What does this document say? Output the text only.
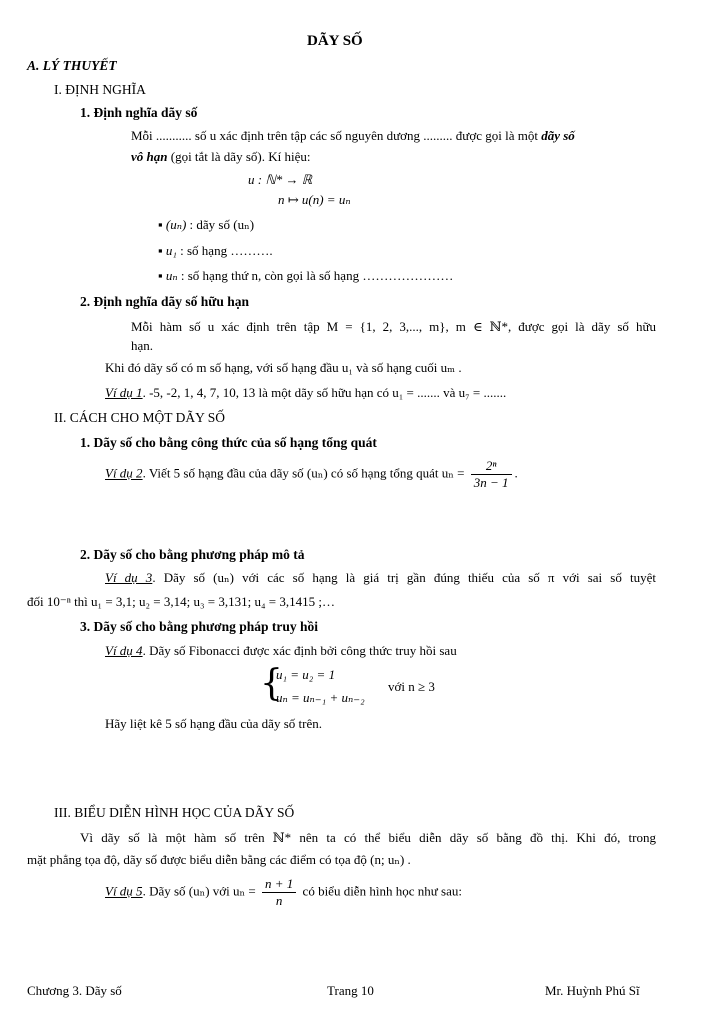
DÃY SỐ
A. LÝ THUYẾT
I. ĐỊNH NGHĨA
1. Định nghĩa dãy số
Mỗi ........... số u xác định trên tập các số nguyên dương ......... được gọi là một dãy số
vô hạn (gọi tắt là dãy số). Kí hiệu:
u : ℕ* → ℝ
n ↦ u(n) = uₙ
▪ (uₙ) : dãy số (uₙ)
▪ u₁ : số hạng ……….
▪ uₙ : số hạng thứ n, còn gọi là số hạng …………………
2. Định nghĩa dãy số hữu hạn
Mỗi hàm số u xác định trên tập M = {1, 2, 3,..., m}, m ∈ ℕ*, được gọi là dãy số hữu
hạn.
Khi đó dãy số có m số hạng, với số hạng đầu u₁ và số hạng cuối uₘ .
Ví dụ 1. -5, -2, 1, 4, 7, 10, 13 là một dãy số hữu hạn có u₁ = ....... và u₇ = .......
II. CÁCH CHO MỘT DÃY SỐ
1. Dãy số cho bằng công thức của số hạng tổng quát
Ví dụ 2. Viết 5 số hạng đầu của dãy số (uₙ) có số hạng tổng quát $u_n = \frac{\text{2ⁿ}}{3n - 1}$ .
2. Dãy số cho bằng phương pháp mô tả
Ví dụ 3. Dãy số (uₙ) với các số hạng là giá trị gần đúng thiếu của số π với sai số tuyệt
đối 10⁻ⁿ thì u₁ = 3,1; u₂ = 3,14; u₃ = 3,131; u₄ = 3,1415 ;…
3. Dãy số cho bằng phương pháp truy hồi
Ví dụ 4. Dãy số Fibonacci được xác định bởi công thức truy hồi sau
{
u₁ = u₂ = 1
uₙ = uₙ₋₁ + uₙ₋₂
với n ≥ 3
Hãy liệt kê 5 số hạng đầu của dãy số trên.
III. BIỂU DIỄN HÌNH HỌC CỦA DÃY SỐ
Vì dãy số là một hàm số trên ℕ* nên ta có thể biểu diễn dãy số bằng đồ thị. Khi đó, trong
mặt phẳng tọa độ, dãy số được biểu diễn bằng các điểm có tọa độ (n; uₙ) .
Ví dụ 5. Dãy số (uₙ) với $u_n = \frac{n + 1}{n}$ có biểu diễn hình học như sau:
Chương 3. Dãy số	Trang 10	Mr. Huỳnh Phú Sĩ
